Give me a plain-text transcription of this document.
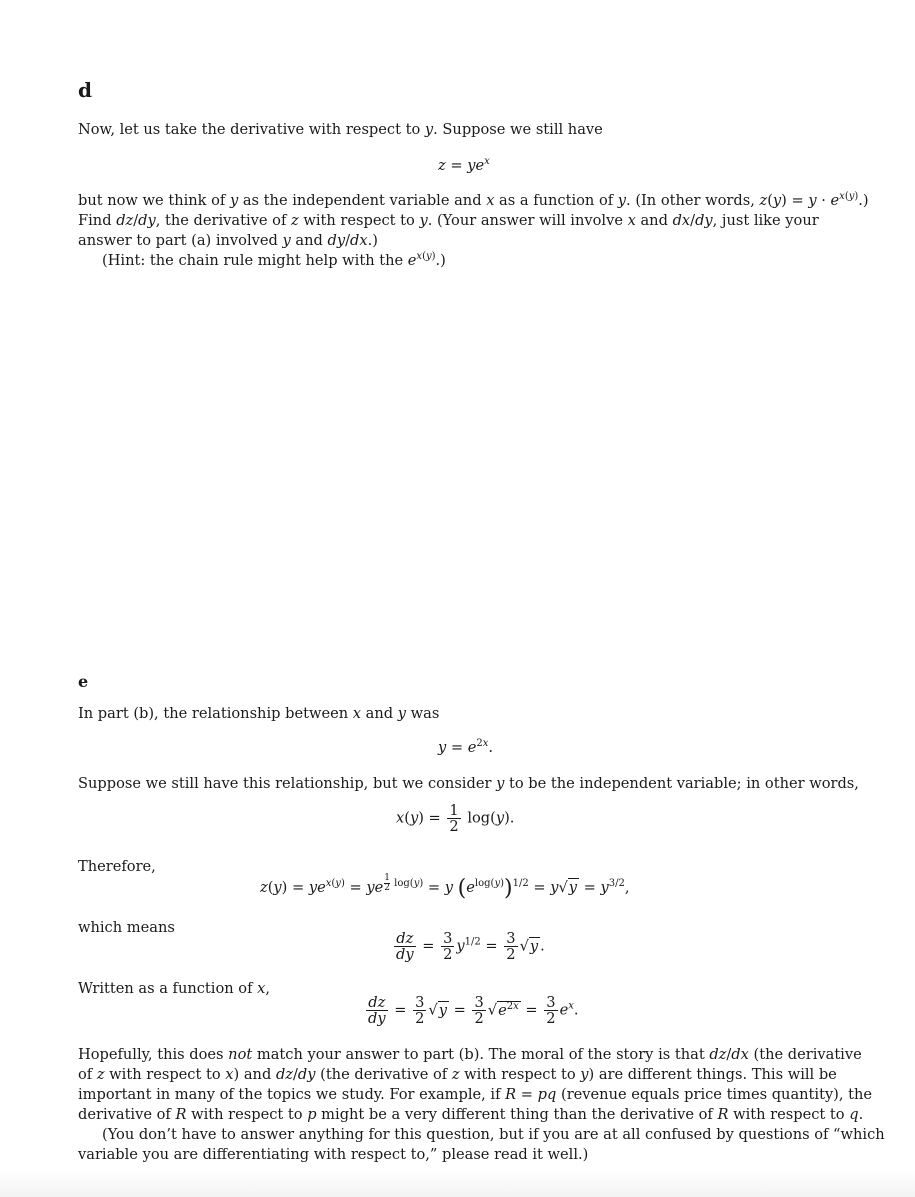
d
Now, let us take the derivative with respect to y. Suppose we still have
$z = ye^x$
but now we think of y as the independent variable and x as a function of y. (In other words, $z(y) = y \cdot e^{x(y)}$.)
Find dz/dy, the derivative of z with respect to y. (Your answer will involve x and dx/dy, just like your
answer to part (a) involved y and dy/dx.)
(Hint: the chain rule might help with the $e^{x(y)}$.)
e
In part (b), the relationship between x and y was
$y = e^{2x}$.
Suppose we still have this relationship, but we consider y to be the independent variable; in other words,
$x(y) = \frac{1}{2} \log(y)$.
Therefore,
$z(y) = ye^{x(y)}$ = ye $^{\frac{1}{2} log(y)}$ = y $(e^{log(y)})^{1/2} = y√y = y^{3/2}$,
which means
$\frac{dz}{dy} = \frac{3}{2} y^{1/2} = \frac{3}{2} √y$ .
Written as a function of x,
$\frac{dz}{dy} = \frac{3}{2} √y = \frac{3}{2} √e^{2x} = \frac{3}{2} e^x$.
Hopefully, this does not match your answer to part (b). The moral of the story is that dz/dx (the derivative
of z with respect to x) and dz/dy (the derivative of z with respect to y) are different things. This will be
important in many of the topics we study. For example, if R = pq (revenue equals price times quantity), the
derivative of R with respect to p might be a very different thing than the derivative of R with respect to q.
(You don’t have to answer anything for this question, but if you are at all confused by questions of “which
variable you are differentiating with respect to,” please read it well.)
